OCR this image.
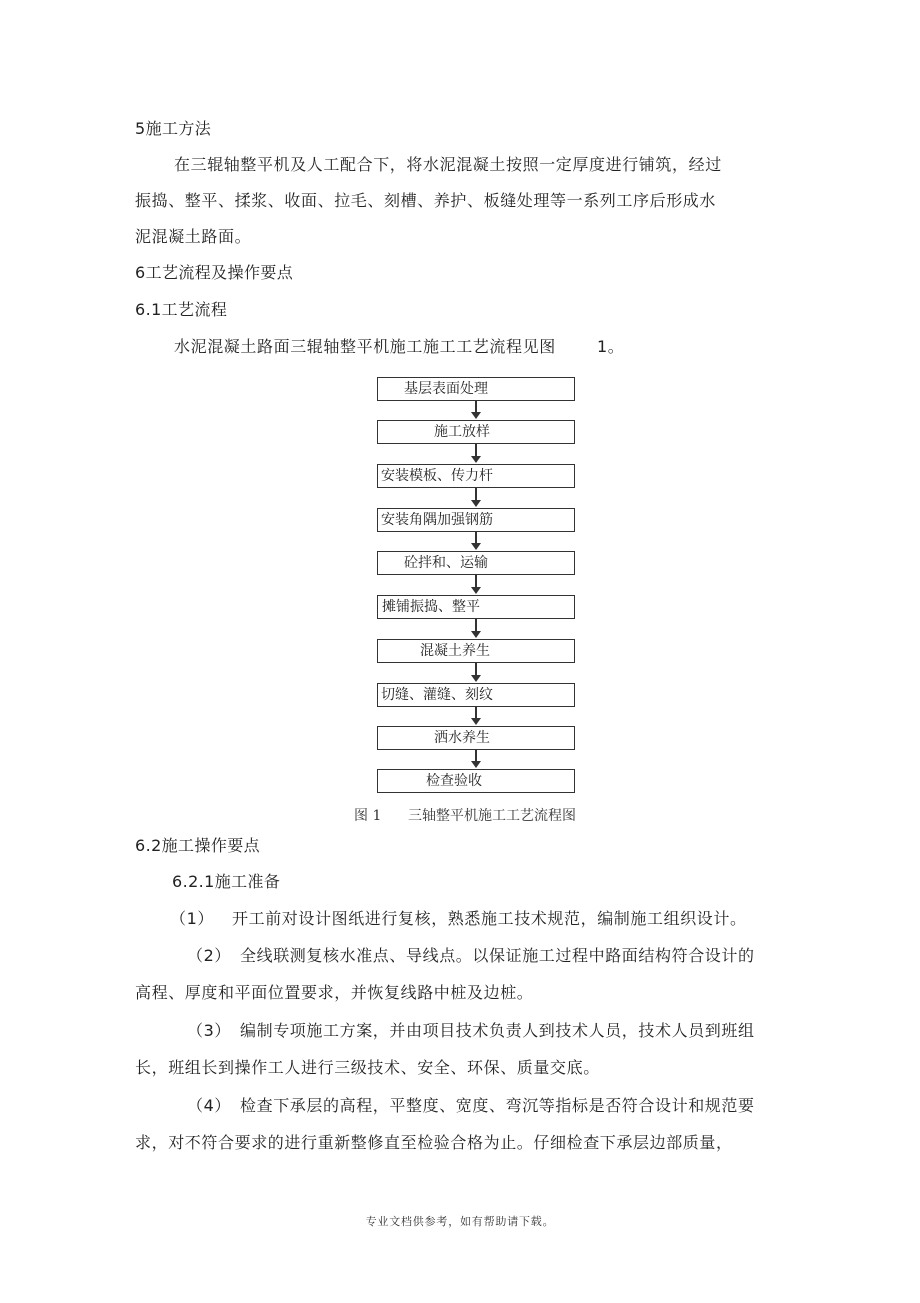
5施工方法
在三辊轴整平机及人工配合下，将水泥混凝土按照一定厚度进行铺筑，经过
振捣、整平、揉浆、收面、拉毛、刻槽、养护、板缝处理等一系列工序后形成水
泥混凝土路面。
6工艺流程及操作要点
6.1工艺流程
水泥混凝土路面三辊轴整平机施工施工工艺流程见图	1。
基层表面处理
施工放样
安装模板、传力杆
安装角隅加强钢筋
砼拌和、运输
摊铺振捣、整平
混凝土养生
切缝、灌缝、刻纹
洒水养生
检查验收
图 1 三轴整平机施工工艺流程图
6.2施工操作要点
6.2.1施工准备
（1） 开工前对设计图纸进行复核，熟悉施工技术规范，编制施工组织设计。
（2） 全线联测复核水准点、导线点。以保证施工过程中路面结构符合设计的
高程、厚度和平面位置要求，并恢复线路中桩及边桩。
（3） 编制专项施工方案，并由项目技术负责人到技术人员，技术人员到班组
长，班组长到操作工人进行三级技术、安全、环保、质量交底。
（4） 检查下承层的高程，平整度、宽度、弯沉等指标是否符合设计和规范要
求，对不符合要求的进行重新整修直至检验合格为止。仔细检查下承层边部质量，
专业文档供参考，如有帮助请下载。
